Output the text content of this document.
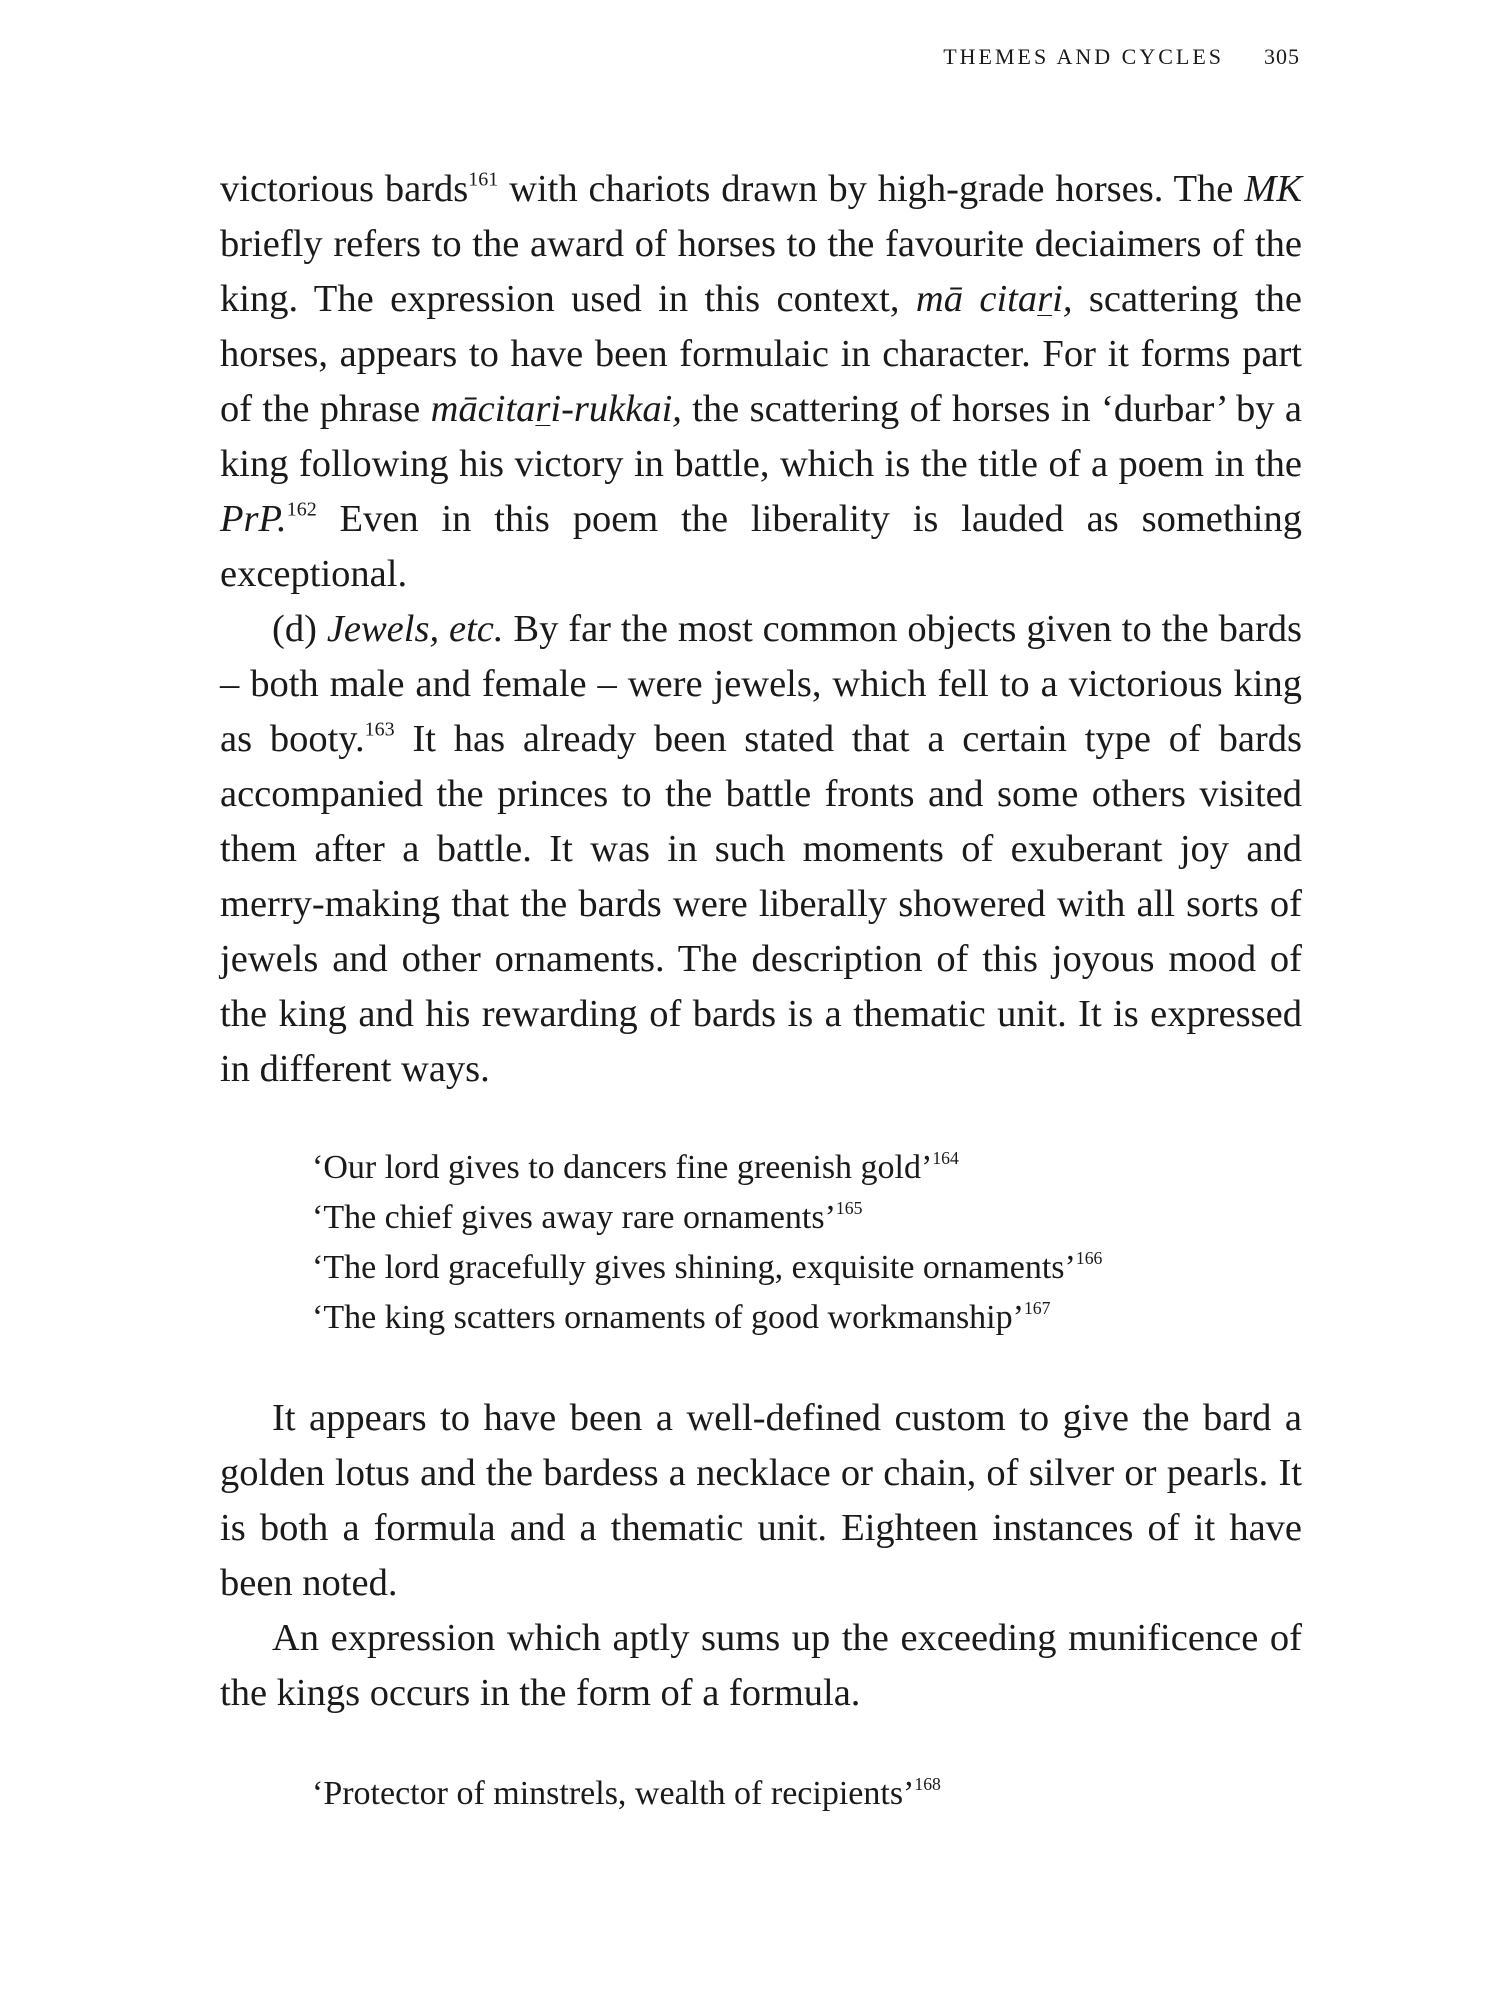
THEMES AND CYCLES 305

victorious bards$^{161}$ with chariots drawn by high-grade horses. The MK briefly refers to the award of horses to the favourite deciaimers of the king. The expression used in this context, mā citari, scattering the horses, appears to have been formulaic in character. For it forms part of the phrase mācitari-rukkai, the scattering of horses in ‘durbar’ by a king following his victory in battle, which is the title of a poem in the PrP.$^{162}$ Even in this poem the liberality is lauded as something exceptional.

(d) Jewels, etc. By far the most common objects given to the bards – both male and female – were jewels, which fell to a victorious king as booty.$^{163}$ It has already been stated that a certain type of bards accompanied the princes to the battle fronts and some others visited them after a battle. It was in such moments of exuberant joy and merry-making that the bards were liberally showered with all sorts of jewels and other ornaments. The description of this joyous mood of the king and his rewarding of bards is a thematic unit. It is expressed in different ways.

‘Our lord gives to dancers fine greenish gold’$^{164}$
‘The chief gives away rare ornaments’$^{165}$
‘The lord gracefully gives shining, exquisite ornaments’$^{166}$
‘The king scatters ornaments of good workmanship’$^{167}$

It appears to have been a well-defined custom to give the bard a golden lotus and the bardess a necklace or chain, of silver or pearls. It is both a formula and a thematic unit. Eighteen instances of it have been noted.

An expression which aptly sums up the exceeding munificence of the kings occurs in the form of a formula.

‘Protector of minstrels, wealth of recipients’$^{168}$
